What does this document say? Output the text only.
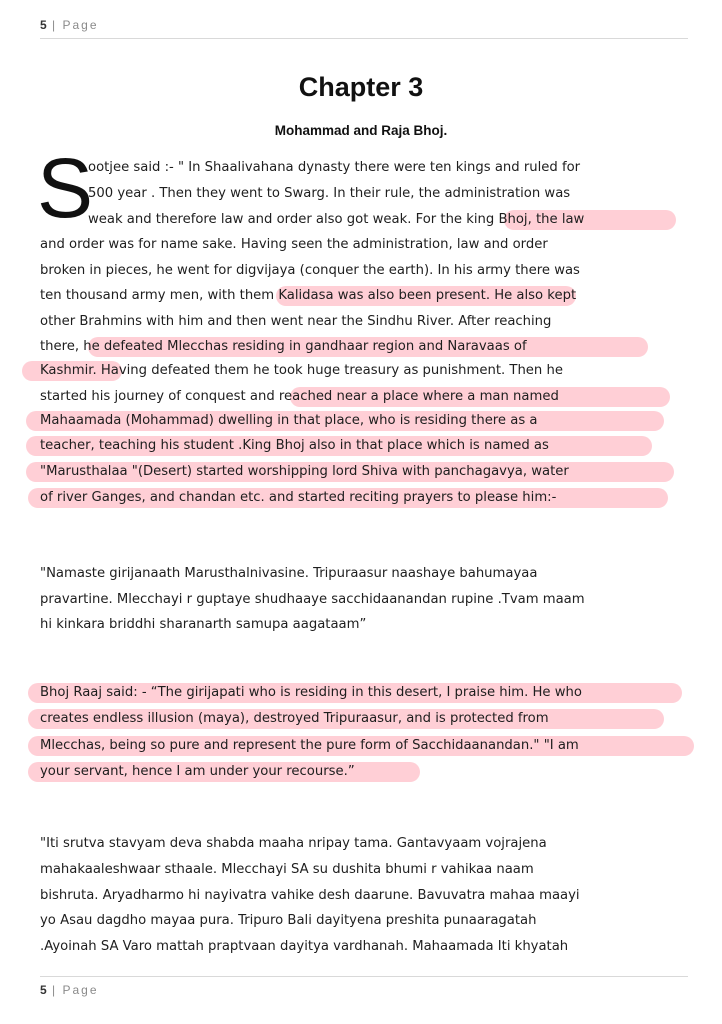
5 | Page
Chapter 3
Mohammad and Raja Bhoj.
S
ootjee said :- " In Shaalivahana dynasty there were ten kings and ruled for
500 year . Then they went to Swarg. In their rule, the administration was
weak and therefore law and order also got weak. For the king Bhoj, the law
and order was for name sake. Having seen the administration, law and order
broken in pieces, he went for digvijaya (conquer the earth). In his army there was
ten thousand army men, with them Kalidasa was also been present. He also kept
other Brahmins with him and then went near the Sindhu River. After reaching
there, he defeated Mlecchas residing in gandhaar region and Naravaas of
Kashmir. Having defeated them he took huge treasury as punishment. Then he
started his journey of conquest and reached near a place where a man named
Mahaamada (Mohammad) dwelling in that place, who is residing there as a
teacher, teaching his student .King Bhoj also in that place which is named as
"Marusthalaa "(Desert) started worshipping lord Shiva with panchagavya, water
of river Ganges, and chandan etc. and started reciting prayers to please him:-
"Namaste girijanaath Marusthalnivasine. Tripuraasur naashaye bahumayaa
pravartine. Mlecchayi r guptaye shudhaaye sacchidaanandan rupine .Tvam maam
hi kinkara briddhi sharanarth samupa aagataam”
Bhoj Raaj said: - “The girijapati who is residing in this desert, I praise him. He who
creates endless illusion (maya), destroyed Tripuraasur, and is protected from
Mlecchas, being so pure and represent the pure form of Sacchidaanandan." "I am
your servant, hence I am under your recourse.”
"Iti srutva stavyam deva shabda maaha nripay tama. Gantavyaam vojrajena
mahakaaleshwaar sthaale. Mlecchayi SA su dushita bhumi r vahikaa naam
bishruta. Aryadharmo hi nayivatra vahike desh daarune. Bavuvatra mahaa maayi
yo Asau dagdho mayaa pura. Tripuro Bali dayityena preshita punaaragatah
.Ayoinah SA Varo mattah praptvaan dayitya vardhanah. Mahaamada Iti khyatah
5 | Page
